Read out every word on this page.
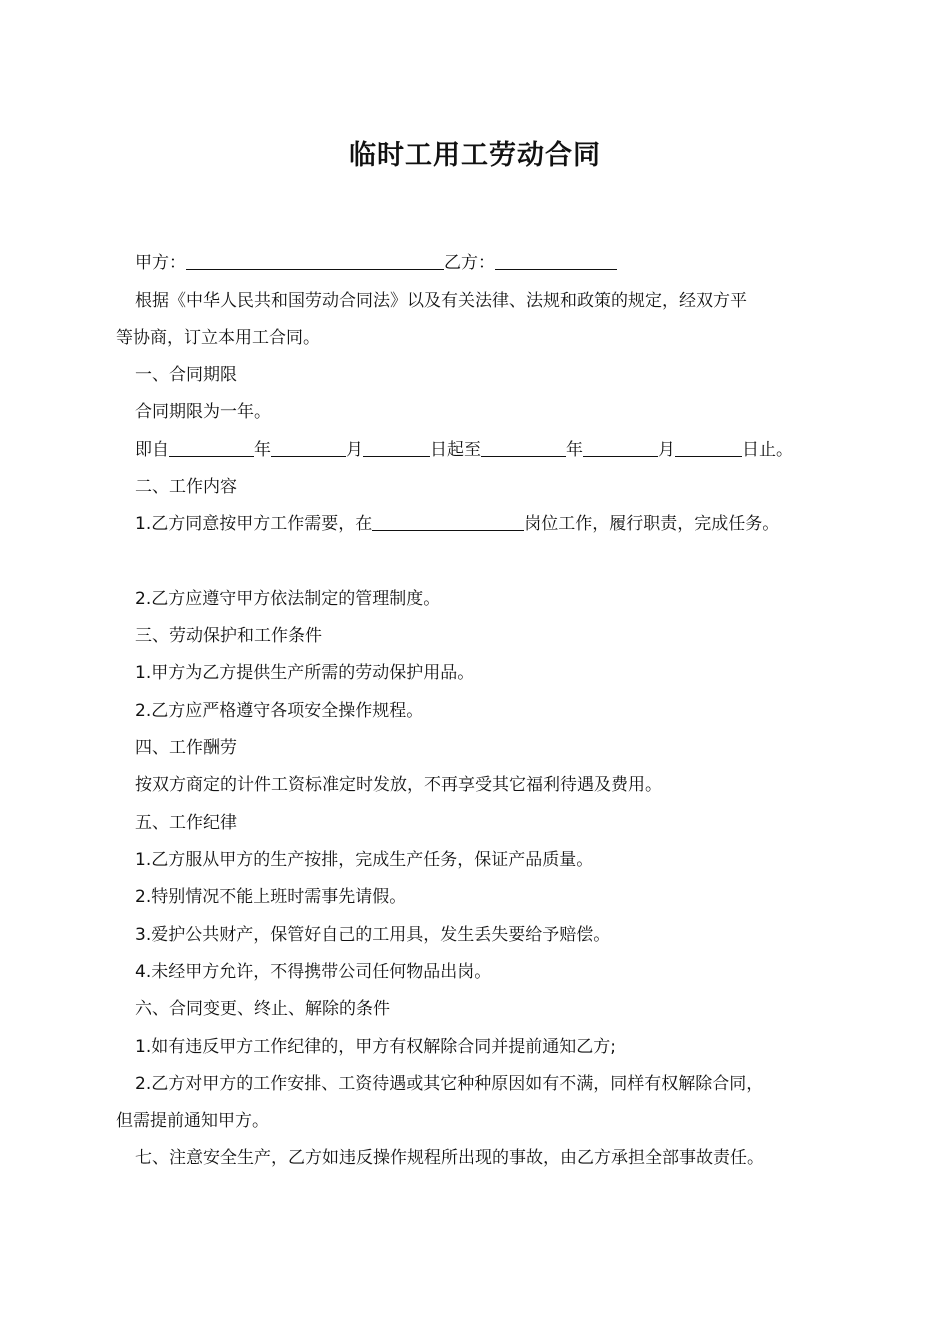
临时工用工劳动合同
甲方：	乙方：
根据《中华人民共和国劳动合同法》以及有关法律、法规和政策的规定，经双方平
等协商，订立本用工合同。
一、合同期限
合同期限为一年。
即自	年	月	日起至	年	月	日止。
二、工作内容
1.乙方同意按甲方工作需要，在	岗位工作，履行职责，完成任务。
2.乙方应遵守甲方依法制定的管理制度。
三、劳动保护和工作条件
1.甲方为乙方提供生产所需的劳动保护用品。
2.乙方应严格遵守各项安全操作规程。
四、工作酬劳
按双方商定的计件工资标准定时发放，不再享受其它福利待遇及费用。
五、工作纪律
1.乙方服从甲方的生产按排，完成生产任务，保证产品质量。
2.特别情况不能上班时需事先请假。
3.爱护公共财产，保管好自己的工用具，发生丢失要给予赔偿。
4.未经甲方允许，不得携带公司任何物品出岗。
六、合同变更、终止、解除的条件
1.如有违反甲方工作纪律的，甲方有权解除合同并提前通知乙方;
2.乙方对甲方的工作安排、工资待遇或其它种种原因如有不满，同样有权解除合同，
但需提前通知甲方。
七、注意安全生产，乙方如违反操作规程所出现的事故，由乙方承担全部事故责任。
